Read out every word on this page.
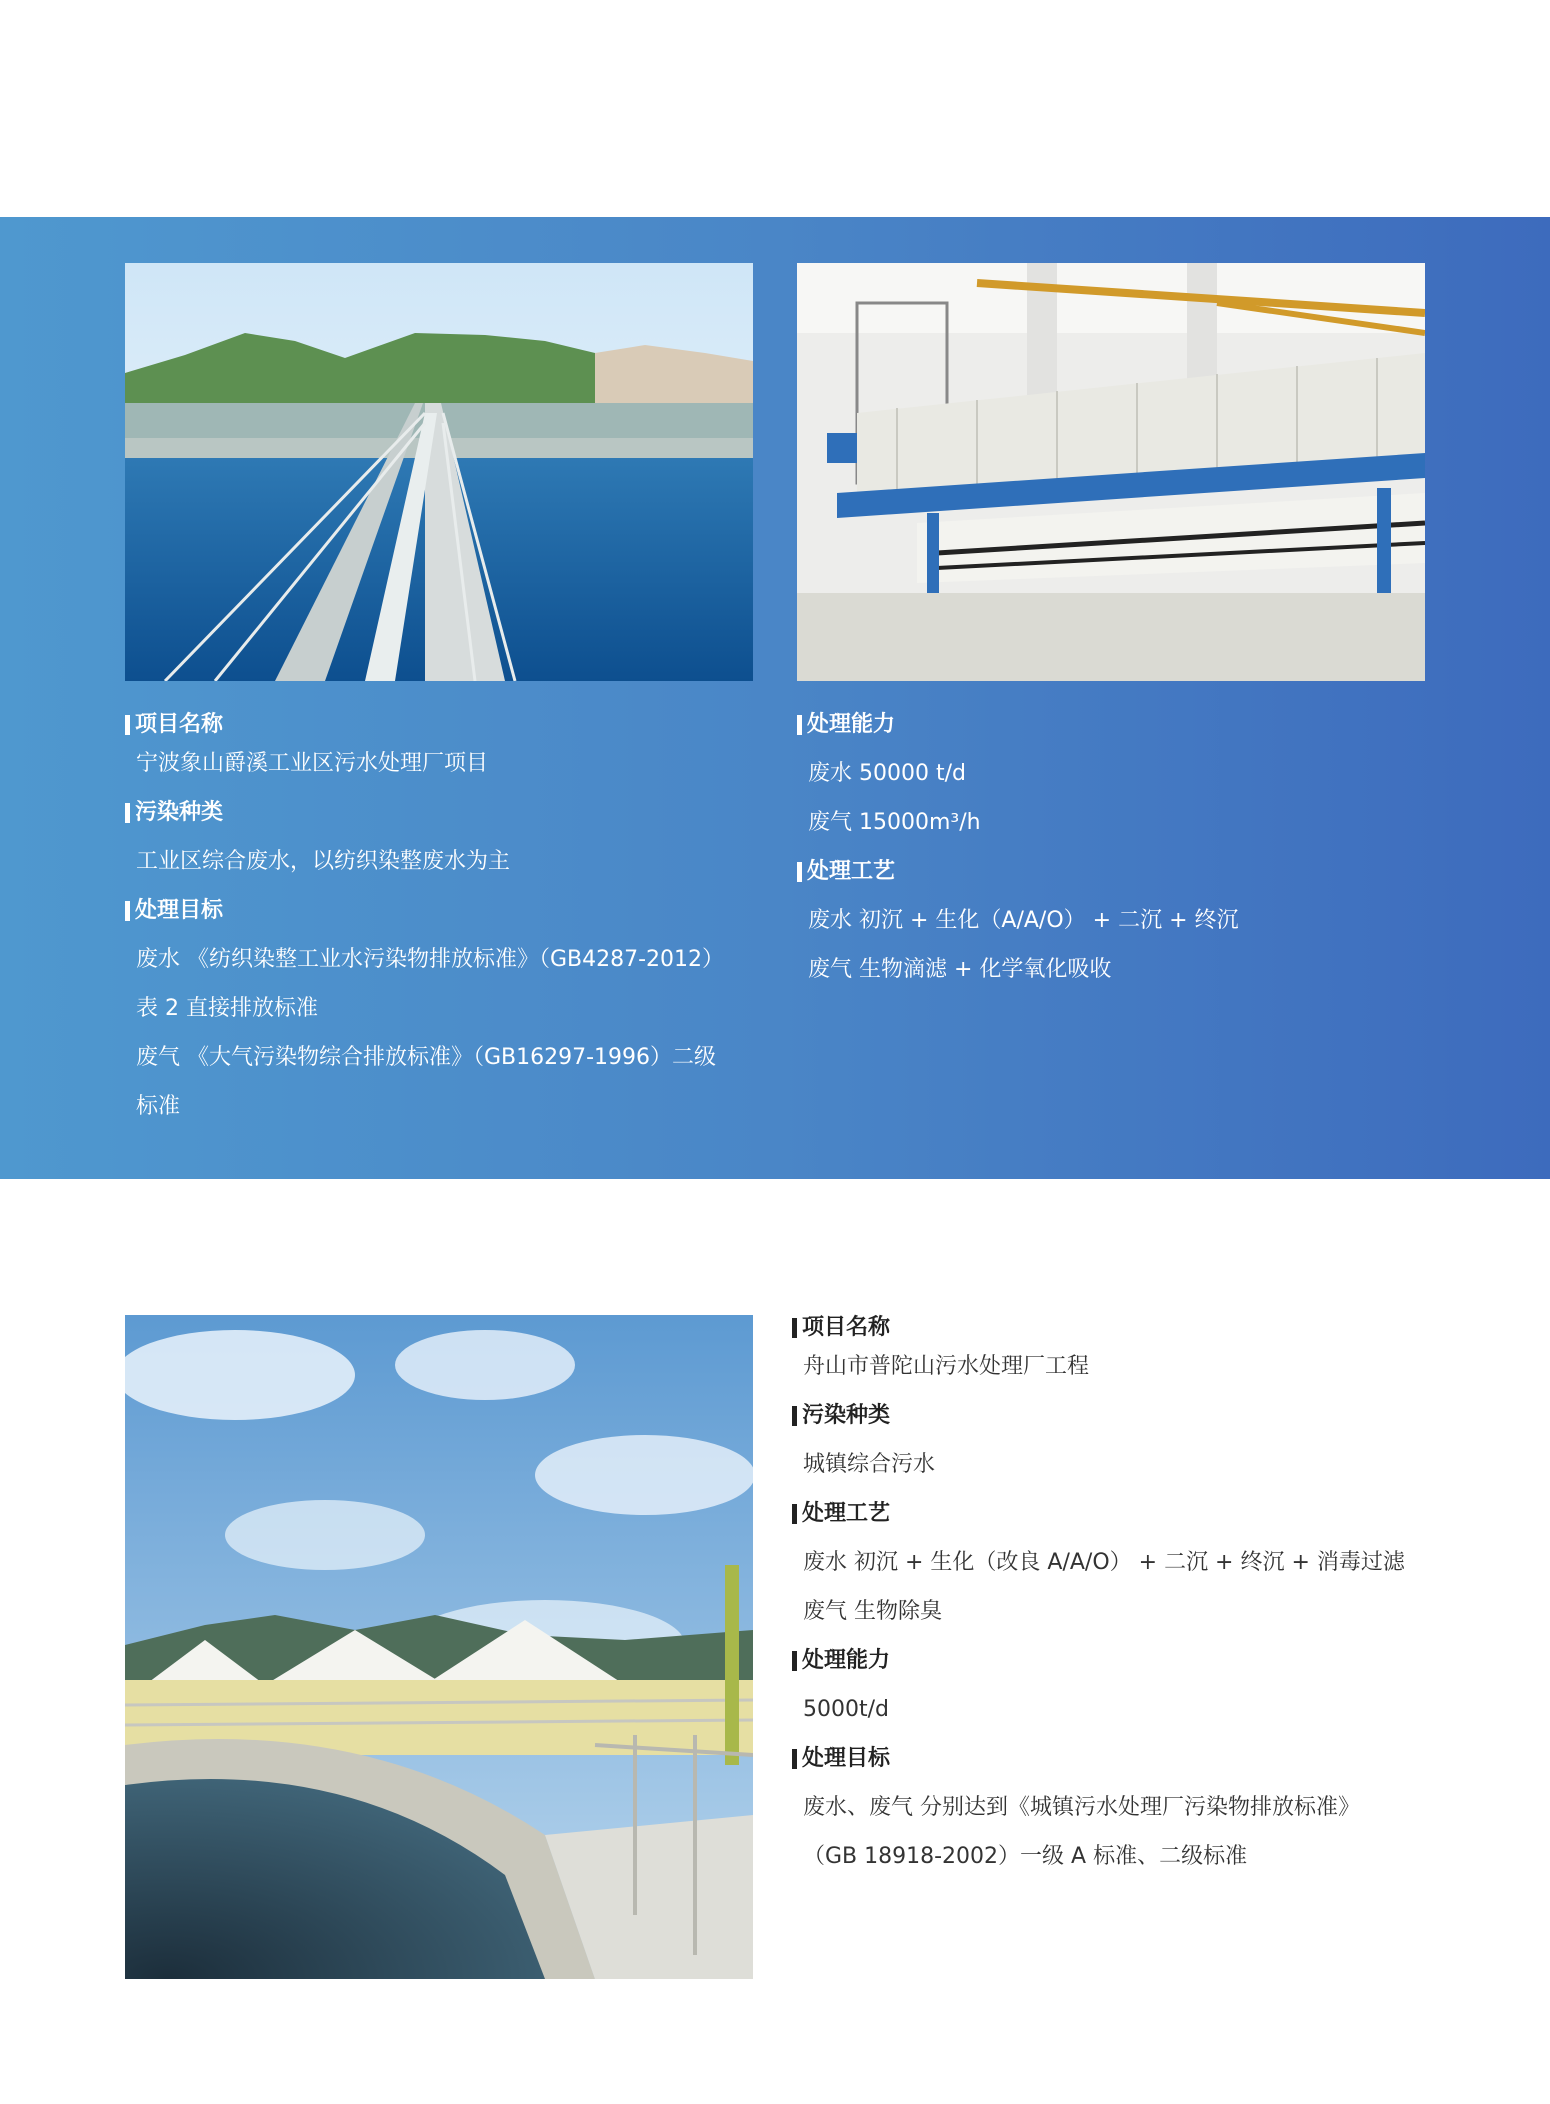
项目名称

宁波象山爵溪工业区污水处理厂项目

污染种类

工业区综合废水，以纺织染整废水为主

处理目标

废水 《纺织染整工业水污染物排放标准》（GB4287-2012）

表 2 直接排放标准

废气 《大气污染物综合排放标准》（GB16297-1996）二级

标准

处理能力

废水 50000 t/d

废气 15000m³/h

处理工艺

废水 初沉 + 生化（A/A/O） + 二沉 + 终沉

废气 生物滴滤 + 化学氧化吸收

项目名称

舟山市普陀山污水处理厂工程

污染种类

城镇综合污水

处理工艺

废水 初沉 + 生化（改良 A/A/O） + 二沉 + 终沉 + 消毒过滤

废气 生物除臭

处理能力

5000t/d

处理目标

废水、废气 分别达到《城镇污水处理厂污染物排放标准》

（GB 18918-2002）一级 A 标准、二级标准
